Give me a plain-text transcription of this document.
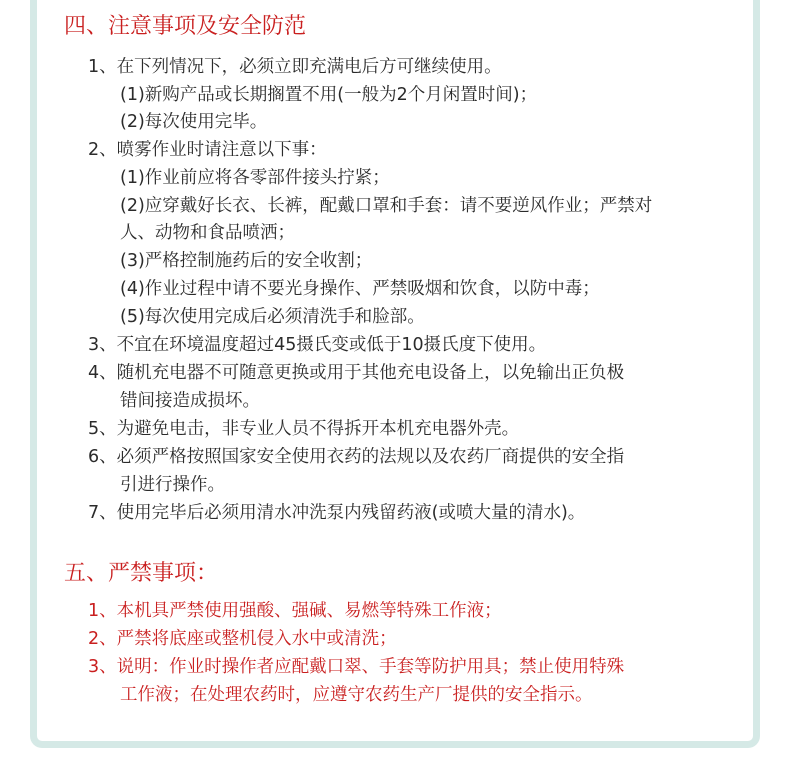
四、注意事项及安全防范
1、在下列情况下，必须立即充满电后方可继续使用。
(1)新购产品或长期搁置不用(一般为2个月闲置时间)；
(2)每次使用完毕。
2、喷雾作业时请注意以下事：
(1)作业前应将各零部件接头拧紧；
(2)应穿戴好长衣、长裤，配戴口罩和手套：请不要逆风作业；严禁对
人、动物和食品喷洒；
(3)严格控制施药后的安全收割；
(4)作业过程中请不要光身操作、严禁吸烟和饮食，以防中毒；
(5)每次使用完成后必须清洗手和脸部。
3、不宜在环境温度超过45摄氏变或低于10摄氏度下使用。
4、随机充电器不可随意更换或用于其他充电设备上，以免输出正负极
错间接造成损坏。
5、为避免电击，非专业人员不得拆开本机充电器外壳。
6、必须严格按照国家安全使用衣药的法规以及农药厂商提供的安全指
引进行操作。
7、使用完毕后必须用清水冲洗泵内残留药液(或喷大量的清水)。
五、严禁事项：
1、本机具严禁使用强酸、强碱、易燃等特殊工作液；
2、严禁将底座或整机侵入水中或清洗；
3、说明：作业时操作者应配戴口翠、手套等防护用具；禁止使用特殊
工作液；在处理农药时，应遵守农药生产厂提供的安全指示。
